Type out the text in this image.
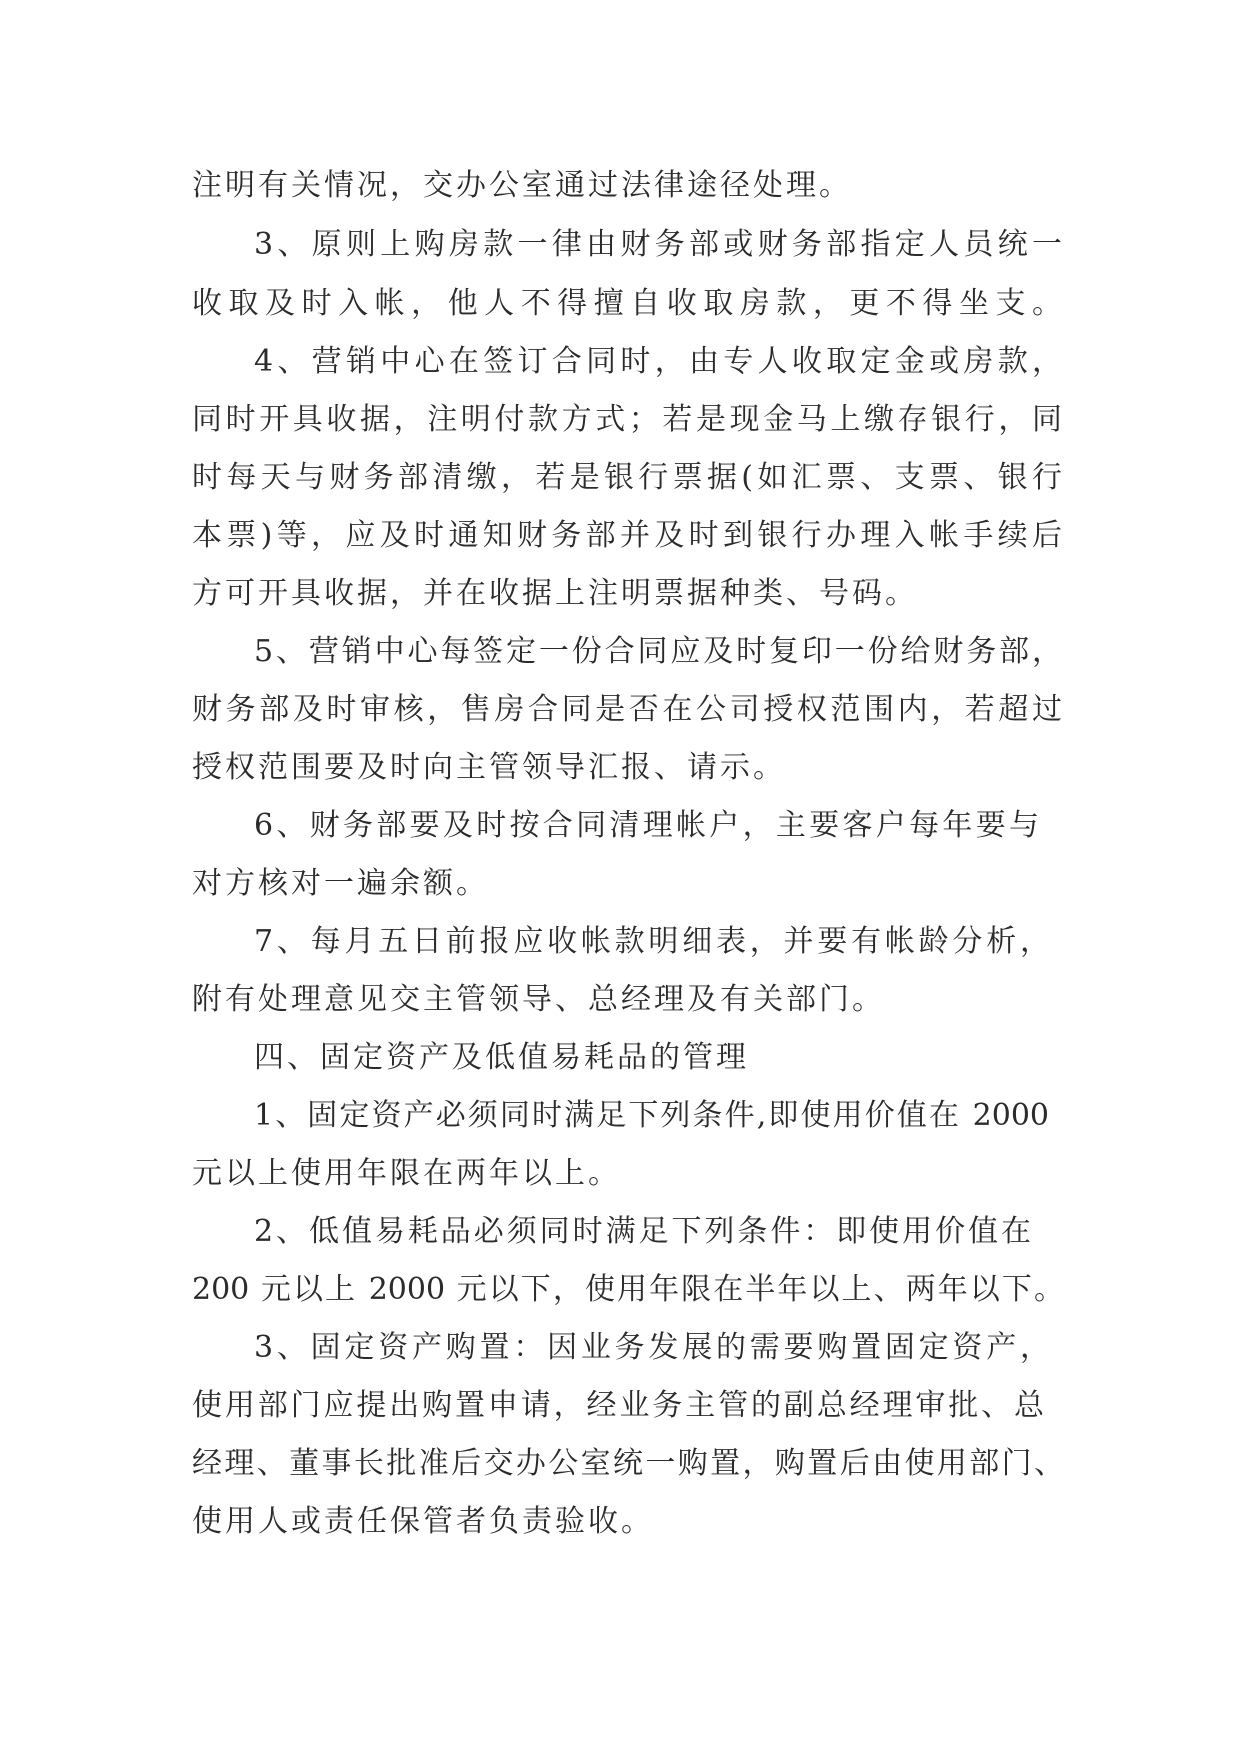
注明有关情况，交办公室通过法律途径处理。
3、原则上购房款一律由财务部或财务部指定人员统一
收取及时入帐，他人不得擅自收取房款，更不得坐支。
4、营销中心在签订合同时，由专人收取定金或房款，
同时开具收据，注明付款方式；若是现金马上缴存银行，同
时每天与财务部清缴，若是银行票据(如汇票、支票、银行
本票)等，应及时通知财务部并及时到银行办理入帐手续后
方可开具收据，并在收据上注明票据种类、号码。
5、营销中心每签定一份合同应及时复印一份给财务部，
财务部及时审核，售房合同是否在公司授权范围内，若超过
授权范围要及时向主管领导汇报、请示。
6、财务部要及时按合同清理帐户，主要客户每年要与
对方核对一遍余额。
7、每月五日前报应收帐款明细表，并要有帐龄分析，
附有处理意见交主管领导、总经理及有关部门。
四、固定资产及低值易耗品的管理
1、固定资产必须同时满足下列条件,即使用价值在 2000
元以上使用年限在两年以上。
2、低值易耗品必须同时满足下列条件：即使用价值在
200 元以上 2000 元以下，使用年限在半年以上、两年以下。
3、固定资产购置：因业务发展的需要购置固定资产，
使用部门应提出购置申请，经业务主管的副总经理审批、总
经理、董事长批准后交办公室统一购置，购置后由使用部门、
使用人或责任保管者负责验收。
